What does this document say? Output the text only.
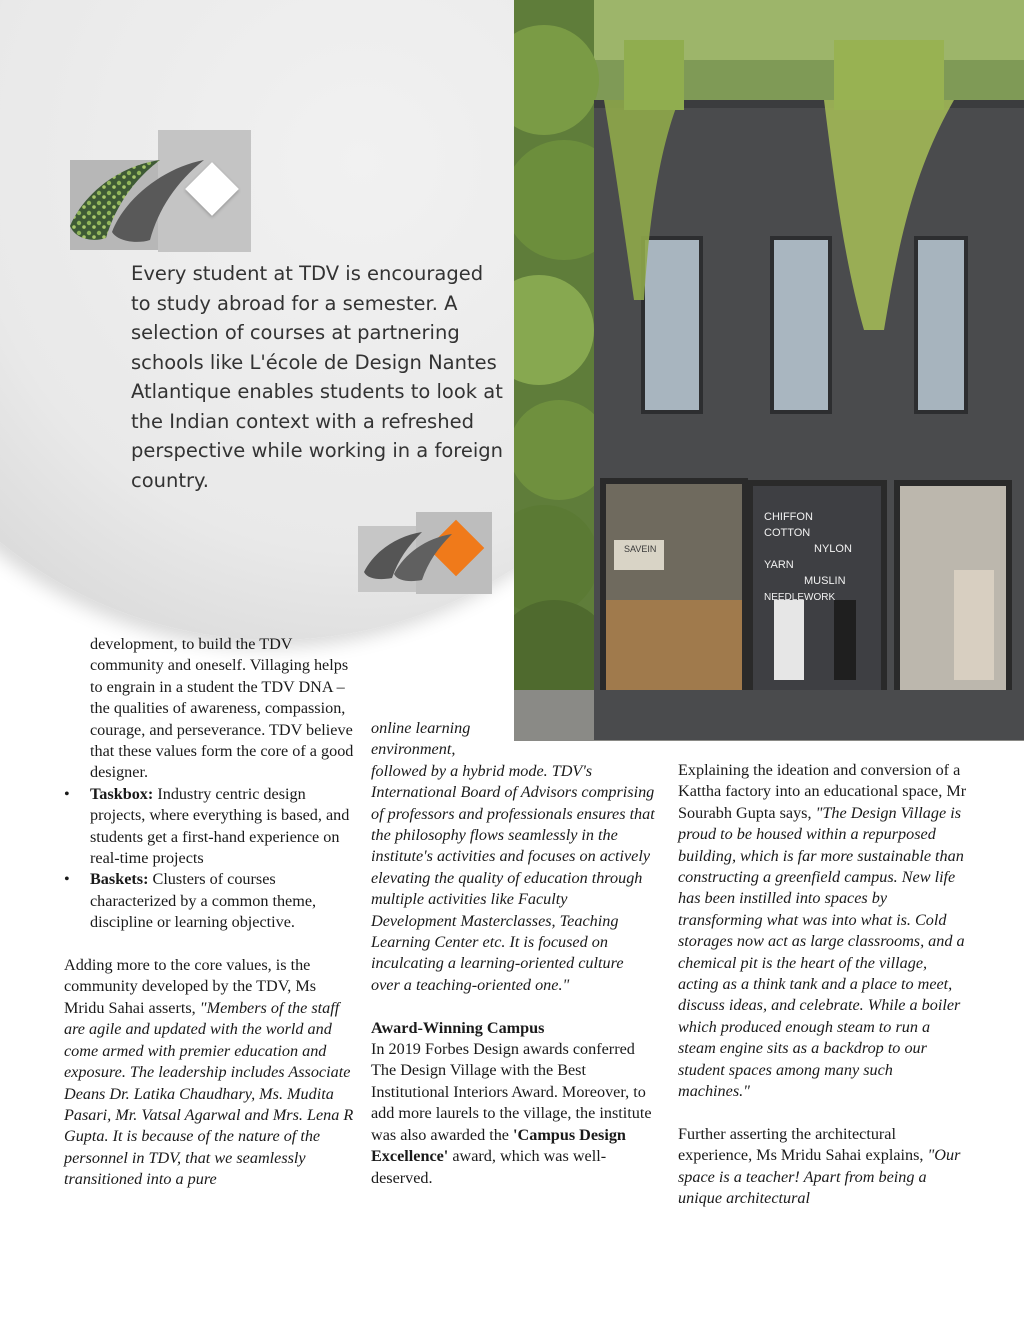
Every student at TDV is encouraged to study abroad for a semester. A selection of courses at partnering schools like L'école de Design Nantes Atlantique enables students to look at the Indian context with a refreshed perspective while working in a foreign country.

CHIFFON
COTTON
NYLON
YARN
MUSLIN
NEEDLEWORK
SAVEIN

development, to build the TDV community and oneself. Villaging helps to engrain in a student the TDV DNA –the qualities of awareness, compassion, courage, and perseverance. TDV believe that these values form the core of a good designer.

• Taskbox: Industry centric design projects, where everything is based, and students get a first-hand experience on real-time projects

• Baskets: Clusters of courses characterized by a common theme, discipline or learning objective.

Adding more to the core values, is the community developed by the TDV, Ms Mridu Sahai asserts, "Members of the staff are agile and updated with the world and come armed with premier education and exposure. The leadership includes Associate Deans Dr. Latika Chaudhary, Ms. Mudita Pasari, Mr. Vatsal Agarwal and Mrs. Lena R Gupta. It is because of the nature of the personnel in TDV, that we seamlessly transitioned into a pure

online learning

environment,

followed by a hybrid mode. TDV's International Board of Advisors comprising of professors and professionals ensures that the philosophy flows seamlessly in the institute's activities and focuses on actively elevating the quality of education through multiple activities like Faculty Development Masterclasses, Teaching Learning Center etc. It is focused on inculcating a learning-oriented culture over a teaching-oriented one."

Award-Winning Campus

In 2019 Forbes Design awards conferred The Design Village with the Best Institutional Interiors Award. Moreover, to add more laurels to the village, the institute was also awarded the 'Campus Design Excellence' award, which was well-deserved.

Explaining the ideation and conversion of a Kattha factory into an educational space, Mr Sourabh Gupta says, "The Design Village is proud to be housed within a repurposed building, which is far more sustainable than constructing a greenfield campus. New life has been instilled into spaces by transforming what was into what is. Cold storages now act as large classrooms, and a chemical pit is the heart of the village, acting as a think tank and a place to meet, discuss ideas, and celebrate. While a boiler which produced enough steam to run a steam engine sits as a backdrop to our student spaces among many such machines."

Further asserting the architectural experience, Ms Mridu Sahai explains, "Our space is a teacher! Apart from being a unique architectural
